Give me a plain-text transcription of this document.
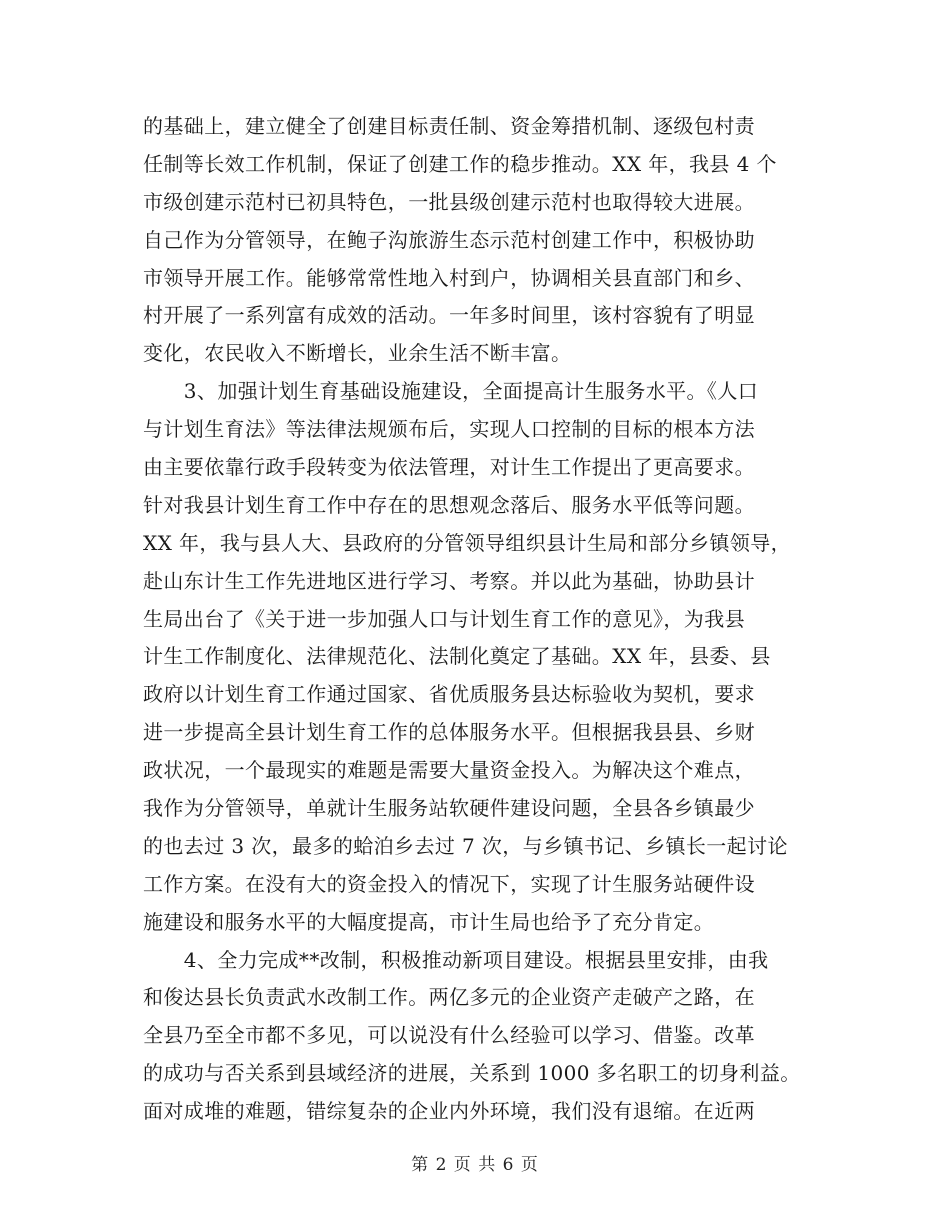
的基础上，建立健全了创建目标责任制、资金筹措机制、逐级包村责
任制等长效工作机制，保证了创建工作的稳步推动。XX 年，我县 4 个
市级创建示范村已初具特色，一批县级创建示范村也取得较大进展。
自己作为分管领导，在鲍子沟旅游生态示范村创建工作中，积极协助
市领导开展工作。能够常常性地入村到户，协调相关县直部门和乡、
村开展了一系列富有成效的活动。一年多时间里，该村容貌有了明显
变化，农民收入不断增长，业余生活不断丰富。
　　3、加强计划生育基础设施建设，全面提高计生服务水平。《人口
与计划生育法》等法律法规颁布后，实现人口控制的目标的根本方法
由主要依靠行政手段转变为依法管理，对计生工作提出了更高要求。
针对我县计划生育工作中存在的思想观念落后、服务水平低等问题。
XX 年，我与县人大、县政府的分管领导组织县计生局和部分乡镇领导，
赴山东计生工作先进地区进行学习、考察。并以此为基础，协助县计
生局出台了《关于进一步加强人口与计划生育工作的意见》，为我县
计生工作制度化、法律规范化、法制化奠定了基础。XX 年，县委、县
政府以计划生育工作通过国家、省优质服务县达标验收为契机，要求
进一步提高全县计划生育工作的总体服务水平。但根据我县县、乡财
政状况，一个最现实的难题是需要大量资金投入。为解决这个难点，
我作为分管领导，单就计生服务站软硬件建设问题，全县各乡镇最少
的也去过 3 次，最多的蛤泊乡去过 7 次，与乡镇书记、乡镇长一起讨论
工作方案。在没有大的资金投入的情况下，实现了计生服务站硬件设
施建设和服务水平的大幅度提高，市计生局也给予了充分肯定。
　　4、全力完成**改制，积极推动新项目建设。根据县里安排，由我
和俊达县长负责武水改制工作。两亿多元的企业资产走破产之路，在
全县乃至全市都不多见，可以说没有什么经验可以学习、借鉴。改革
的成功与否关系到县域经济的进展，关系到 1000 多名职工的切身利益。
面对成堆的难题，错综复杂的企业内外环境，我们没有退缩。在近两
第 2 页 共 6 页
